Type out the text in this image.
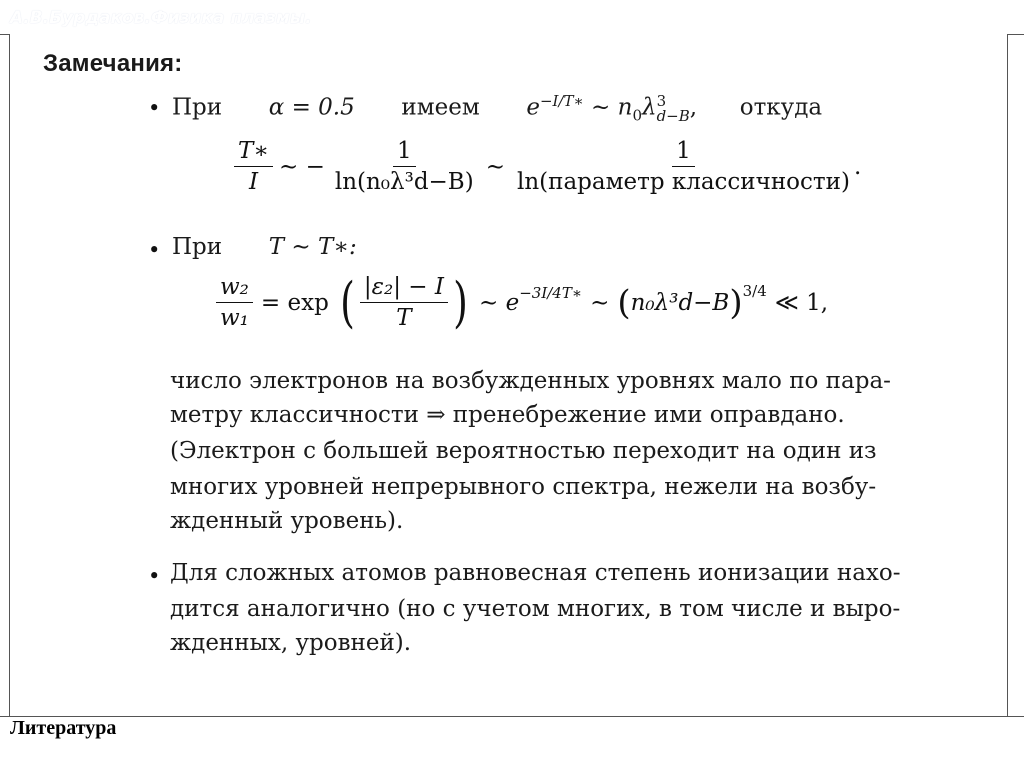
А.В.Бурдаков.Физика плазмы.
Замечания:
• При α = 0.5 имеем $e^{-I/T∗}$ ∼ $n_0\lambda$ 3
d−B , откуда
$\frac{T∗}{I}$ ∼ − $\frac{1}{\text{ln(n₀λ³d−B)}}$ ∼ $\frac{1}{\text{ln(параметр классичности)}}$ .
• При T ∼ T∗:
$\frac{\text{w₂}}{\text{w₁}} = \exp$ ( $\frac{\text{|ε₂| − I}}{T}$ ) ∼ e −3I/4T∗ ∼ ( n₀λ³d−B ) 3/4 ≪ 1,
число электронов на возбужденных уровнях мало по пара-
метру классичности ⇒ пренебрежение ими оправдано.
(Электрон с большей вероятностью переходит на один из
многих уровней непрерывного спектра, нежели на возбу-
жденный уровень).
• Для сложных атомов равновесная степень ионизации нахо-
дится аналогично (но с учетом многих, в том числе и выро-
жденных, уровней).
Литература
